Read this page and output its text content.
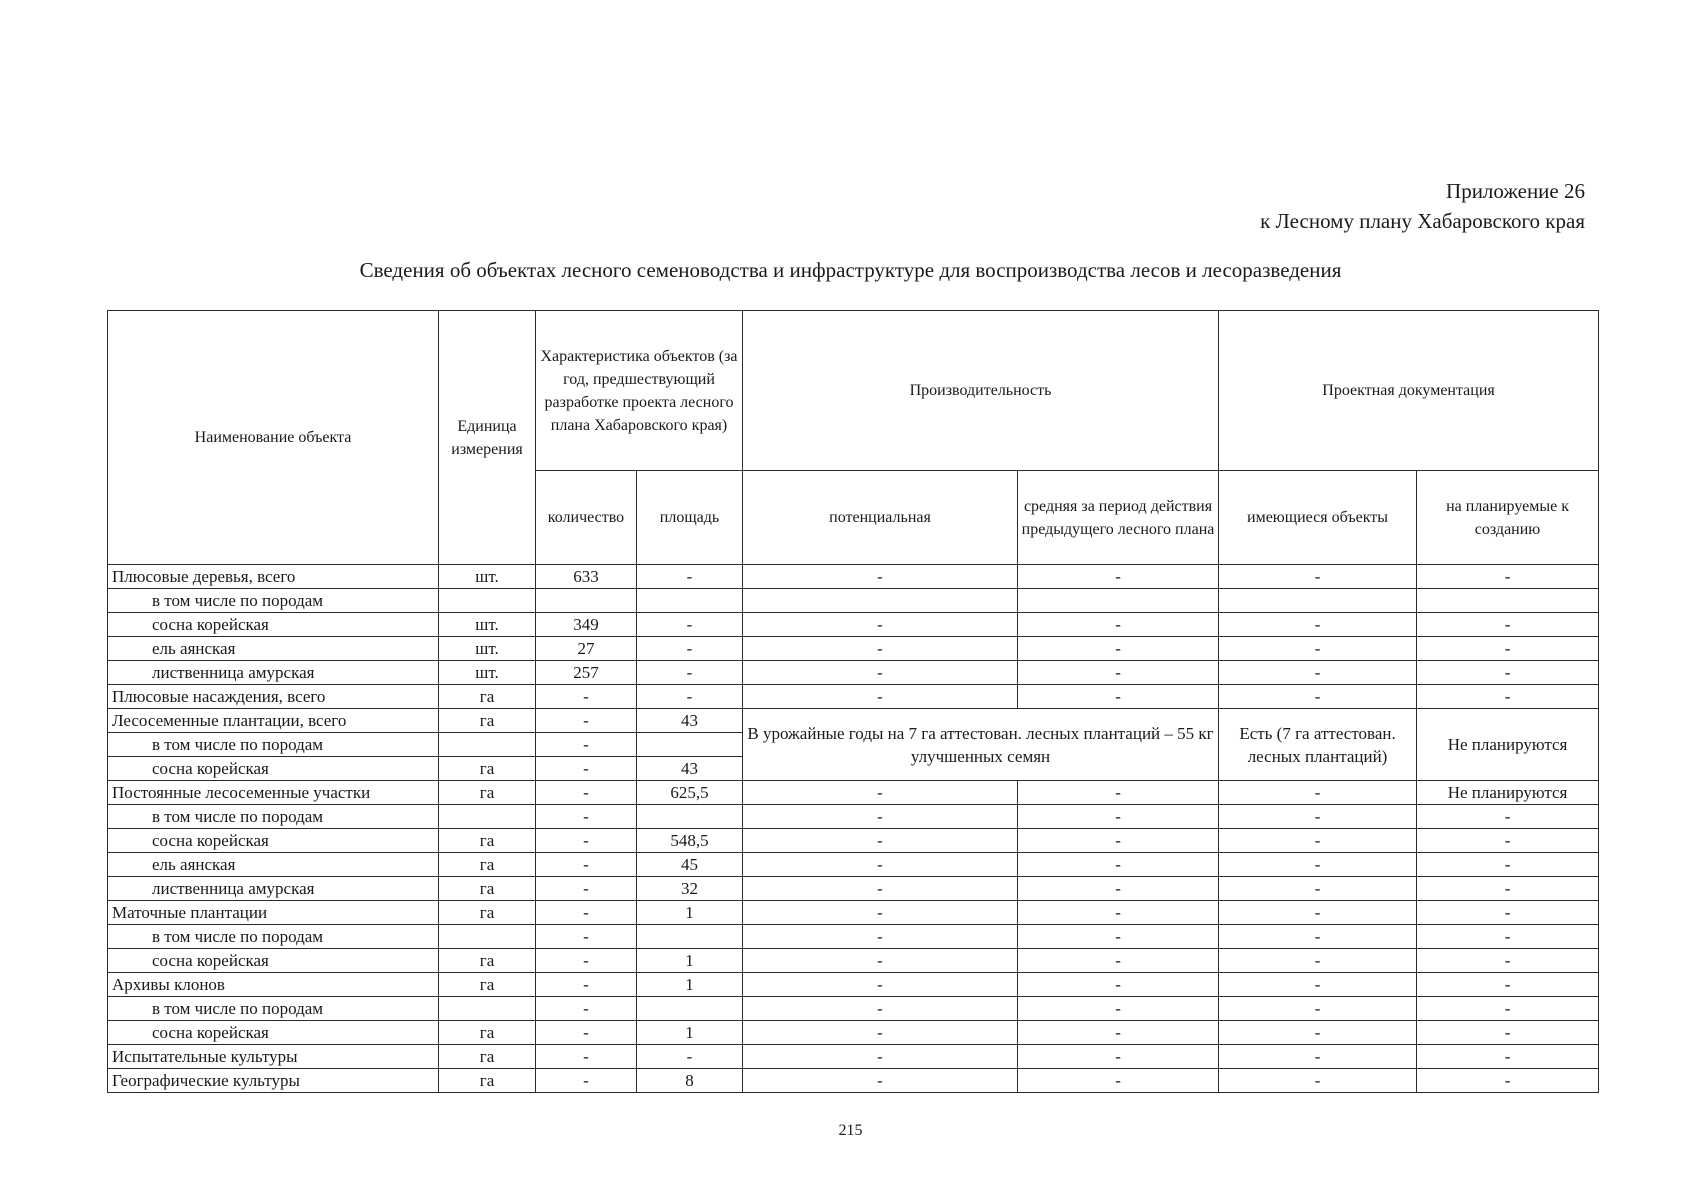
Приложение 26
к Лесному плану Хабаровского края
Сведения об объектах лесного семеноводства и инфраструктуре для воспроизводства лесов и лесоразведения
Наименование объекта	Единица измерения	Характеристика объектов (за год, предшествующий разработке проекта лесного плана Хабаровского края)		Производительность		Проектная документация	
		количество	площадь	потенциальная	средняя за период действия предыдущего лесного плана	имеющиеся объекты	на планируемые к созданию
Плюсовые деревья, всего	шт.	633	-	-	-	-	-
в том числе по породам							
сосна корейская	шт.	349	-	-	-	-	-
ель аянская	шт.	27	-	-	-	-	-
лиственница амурская	шт.	257	-	-	-	-	-
Плюсовые насаждения, всего	га	-	-	-	-	-	-
Лесосеменные плантации, всего	га	-	43	В урожайные годы на 7 га аттестован. лесных плантаций – 55 кг улучшенных семян		Есть (7 га аттестован. лесных плантаций)	Не планируются
в том числе по породам		-					
сосна корейская	га	-	43				
Постоянные лесосеменные участки	га	-	625,5	-	-	-	Не планируются
в том числе по породам		-		-	-	-	-
сосна корейская	га	-	548,5	-	-	-	-
ель аянская	га	-	45	-	-	-	-
лиственница амурская	га	-	32	-	-	-	-
Маточные плантации	га	-	1	-	-	-	-
в том числе по породам		-		-	-	-	-
сосна корейская	га	-	1	-	-	-	-
Архивы клонов	га	-	1	-	-	-	-
в том числе по породам		-		-	-	-	-
сосна корейская	га	-	1	-	-	-	-
Испытательные культуры	га	-	-	-	-	-	-
Географические культуры	га	-	8	-	-	-	-
215
